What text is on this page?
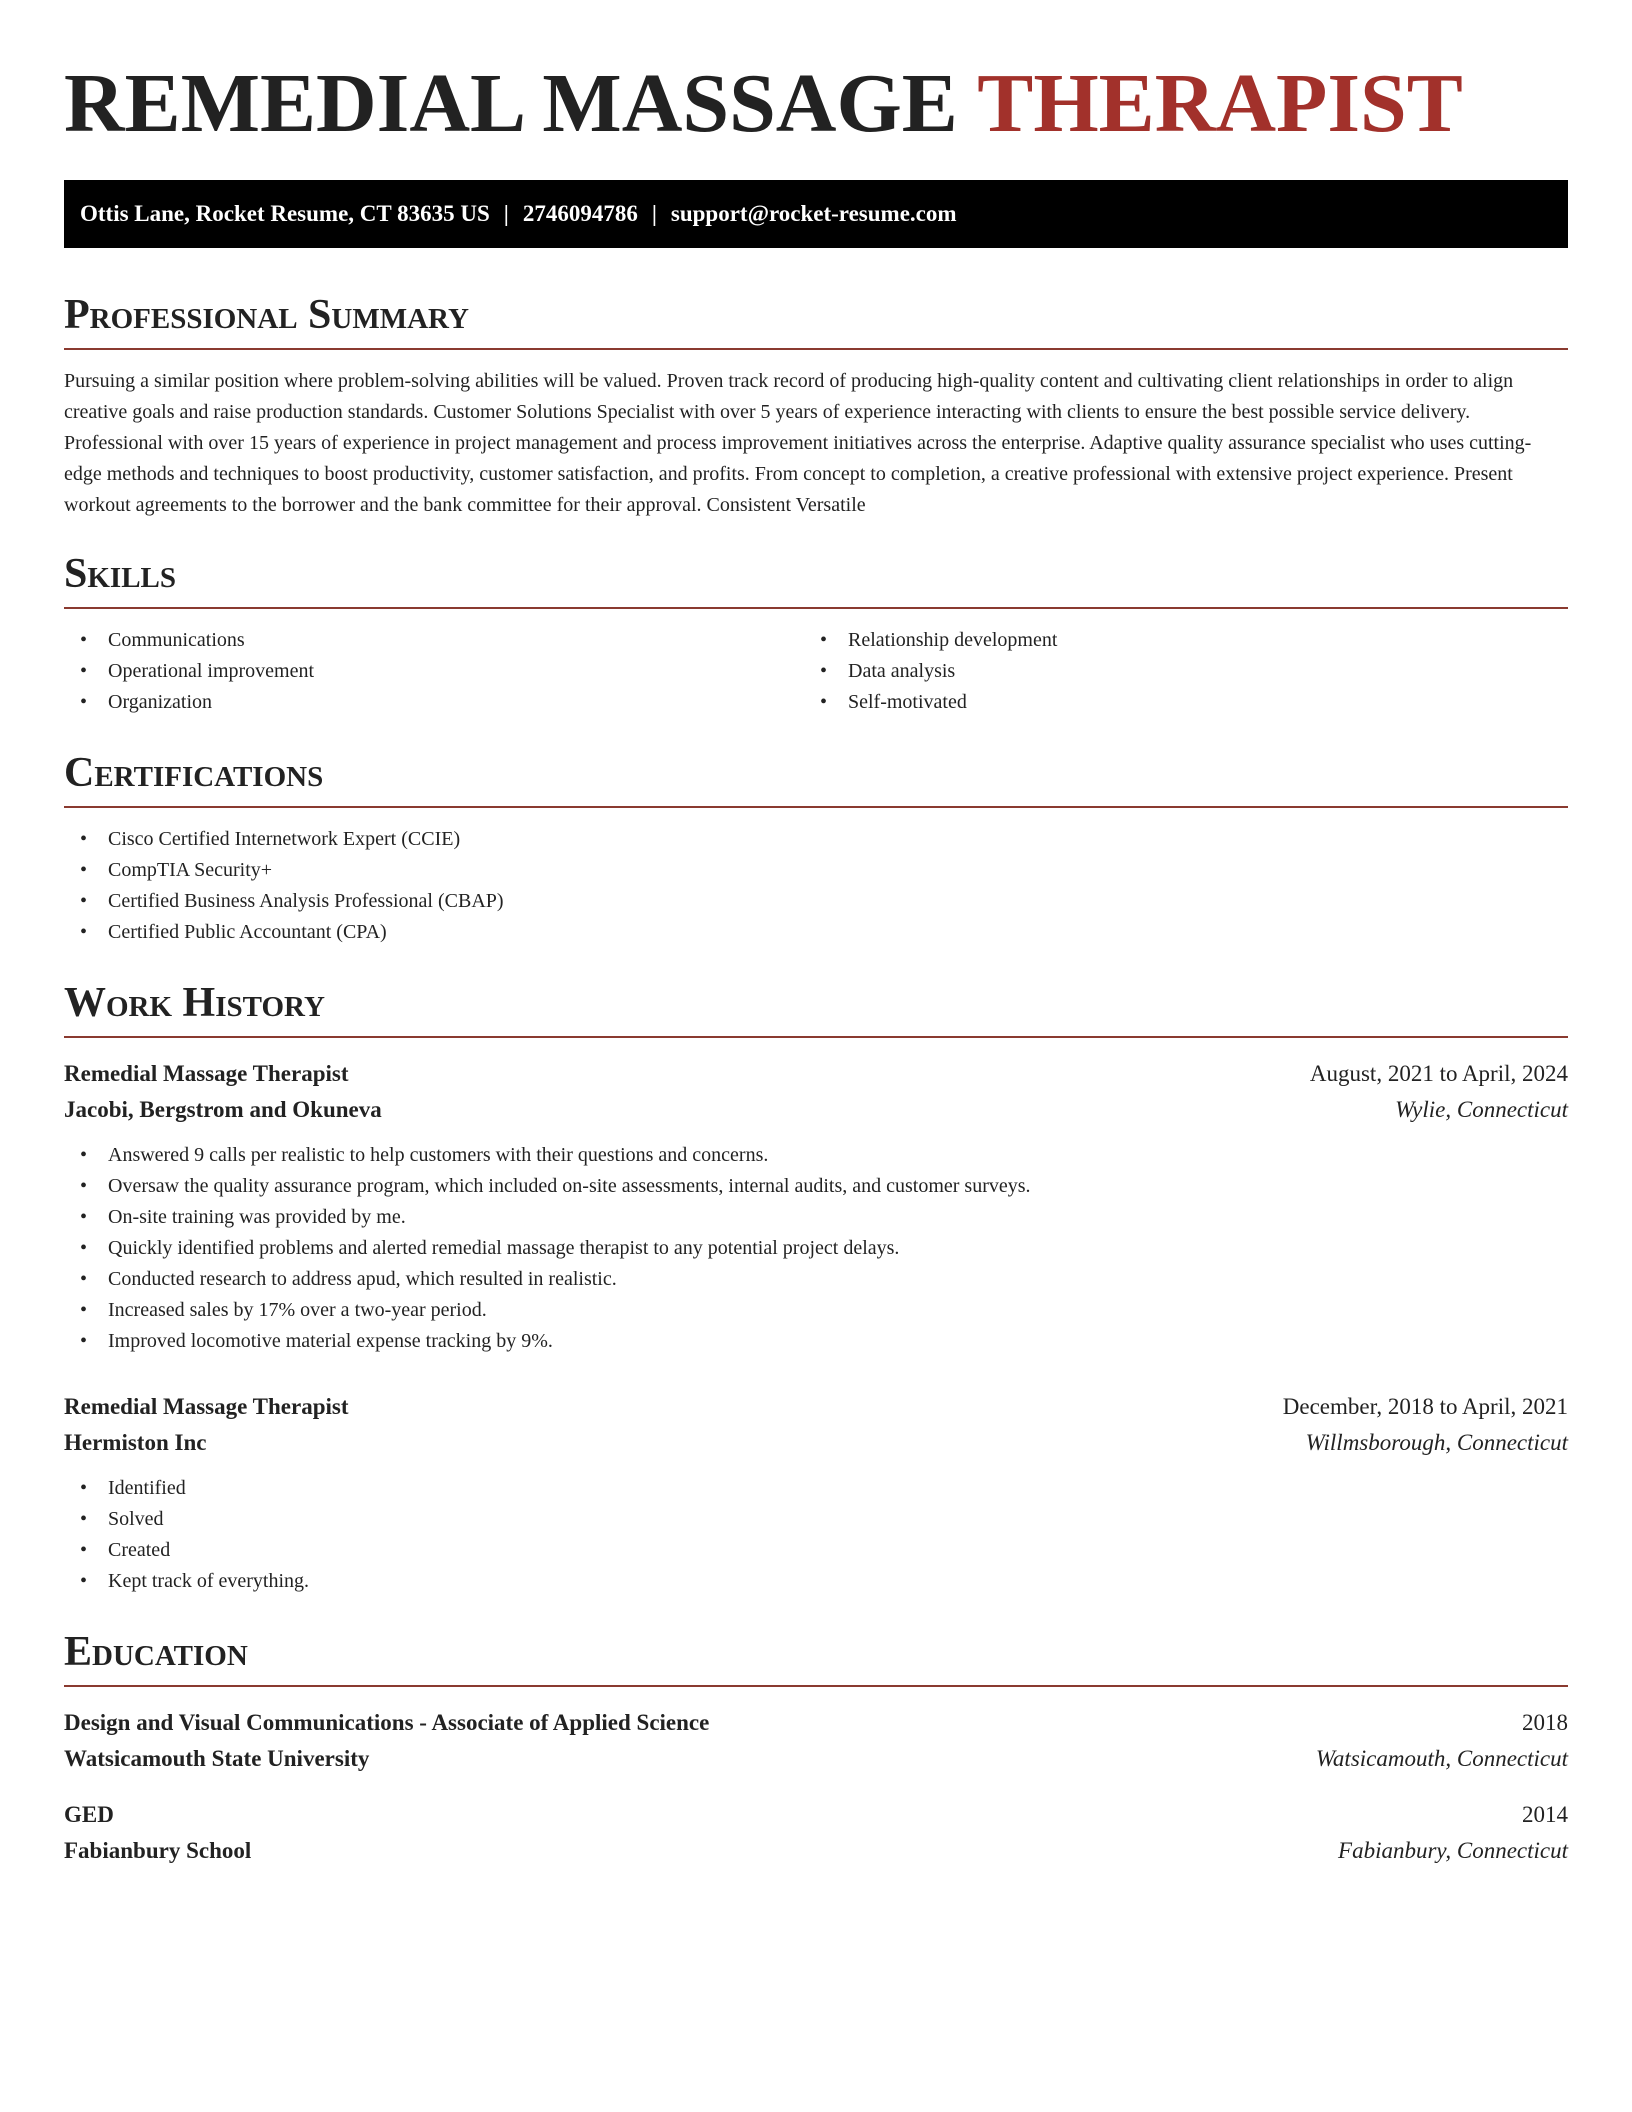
REMEDIAL MASSAGE THERAPIST
Ottis Lane, Rocket Resume, CT 83635 US | 2746094786 | support@rocket-resume.com
Professional Summary

Pursuing a similar position where problem-solving abilities will be valued. Proven track record of producing high-quality content and cultivating client relationships in order to align creative goals and raise production standards. Customer Solutions Specialist with over 5 years of experience interacting with clients to ensure the best possible service delivery. Professional with over 15 years of experience in project management and process improvement initiatives across the enterprise. Adaptive quality assurance specialist who uses cutting-edge methods and techniques to boost productivity, customer satisfaction, and profits. From concept to completion, a creative professional with extensive project experience. Present workout agreements to the borrower and the bank committee for their approval. Consistent Versatile

Skills
• Communications
• Operational improvement
• Organization
• Relationship development
• Data analysis
• Self-motivated
Certifications
• Cisco Certified Internetwork Expert (CCIE)
• CompTIA Security+
• Certified Business Analysis Professional (CBAP)
• Certified Public Accountant (CPA)
Work History
Remedial Massage Therapist	August, 2021 to April, 2024
Jacobi, Bergstrom and Okuneva	Wylie, Connecticut
• Answered 9 calls per realistic to help customers with their questions and concerns.
• Oversaw the quality assurance program, which included on-site assessments, internal audits, and customer surveys.
• On-site training was provided by me.
• Quickly identified problems and alerted remedial massage therapist to any potential project delays.
• Conducted research to address apud, which resulted in realistic.
• Increased sales by 17% over a two-year period.
• Improved locomotive material expense tracking by 9%.
Remedial Massage Therapist	December, 2018 to April, 2021
Hermiston Inc	Willmsborough, Connecticut
• Identified
• Solved
• Created
• Kept track of everything.
Education
Design and Visual Communications - Associate of Applied Science	2018
Watsicamouth State University	Watsicamouth, Connecticut
GED	2014
Fabianbury School	Fabianbury, Connecticut
